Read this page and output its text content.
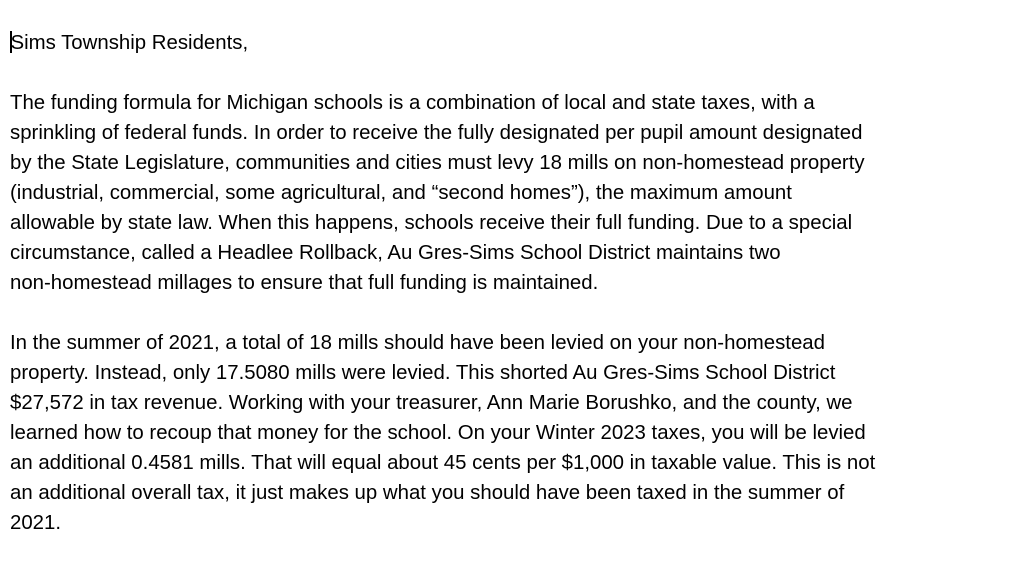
Sims Township Residents,

The funding formula for Michigan schools is a combination of local and state taxes, with a

sprinkling of federal funds. In order to receive the fully designated per pupil amount designated

by the State Legislature, communities and cities must levy 18 mills on non-homestead property

(industrial, commercial, some agricultural, and “second homes”), the maximum amount

allowable by state law. When this happens, schools receive their full funding. Due to a special

circumstance, called a Headlee Rollback, Au Gres-Sims School District maintains two

non-homestead millages to ensure that full funding is maintained.

In the summer of 2021, a total of 18 mills should have been levied on your non-homestead

property. Instead, only 17.5080 mills were levied. This shorted Au Gres-Sims School District

$27,572 in tax revenue. Working with your treasurer, Ann Marie Borushko, and the county, we

learned how to recoup that money for the school. On your Winter 2023 taxes, you will be levied

an additional 0.4581 mills. That will equal about 45 cents per $1,000 in taxable value. This is not

an additional overall tax, it just makes up what you should have been taxed in the summer of

2021.
